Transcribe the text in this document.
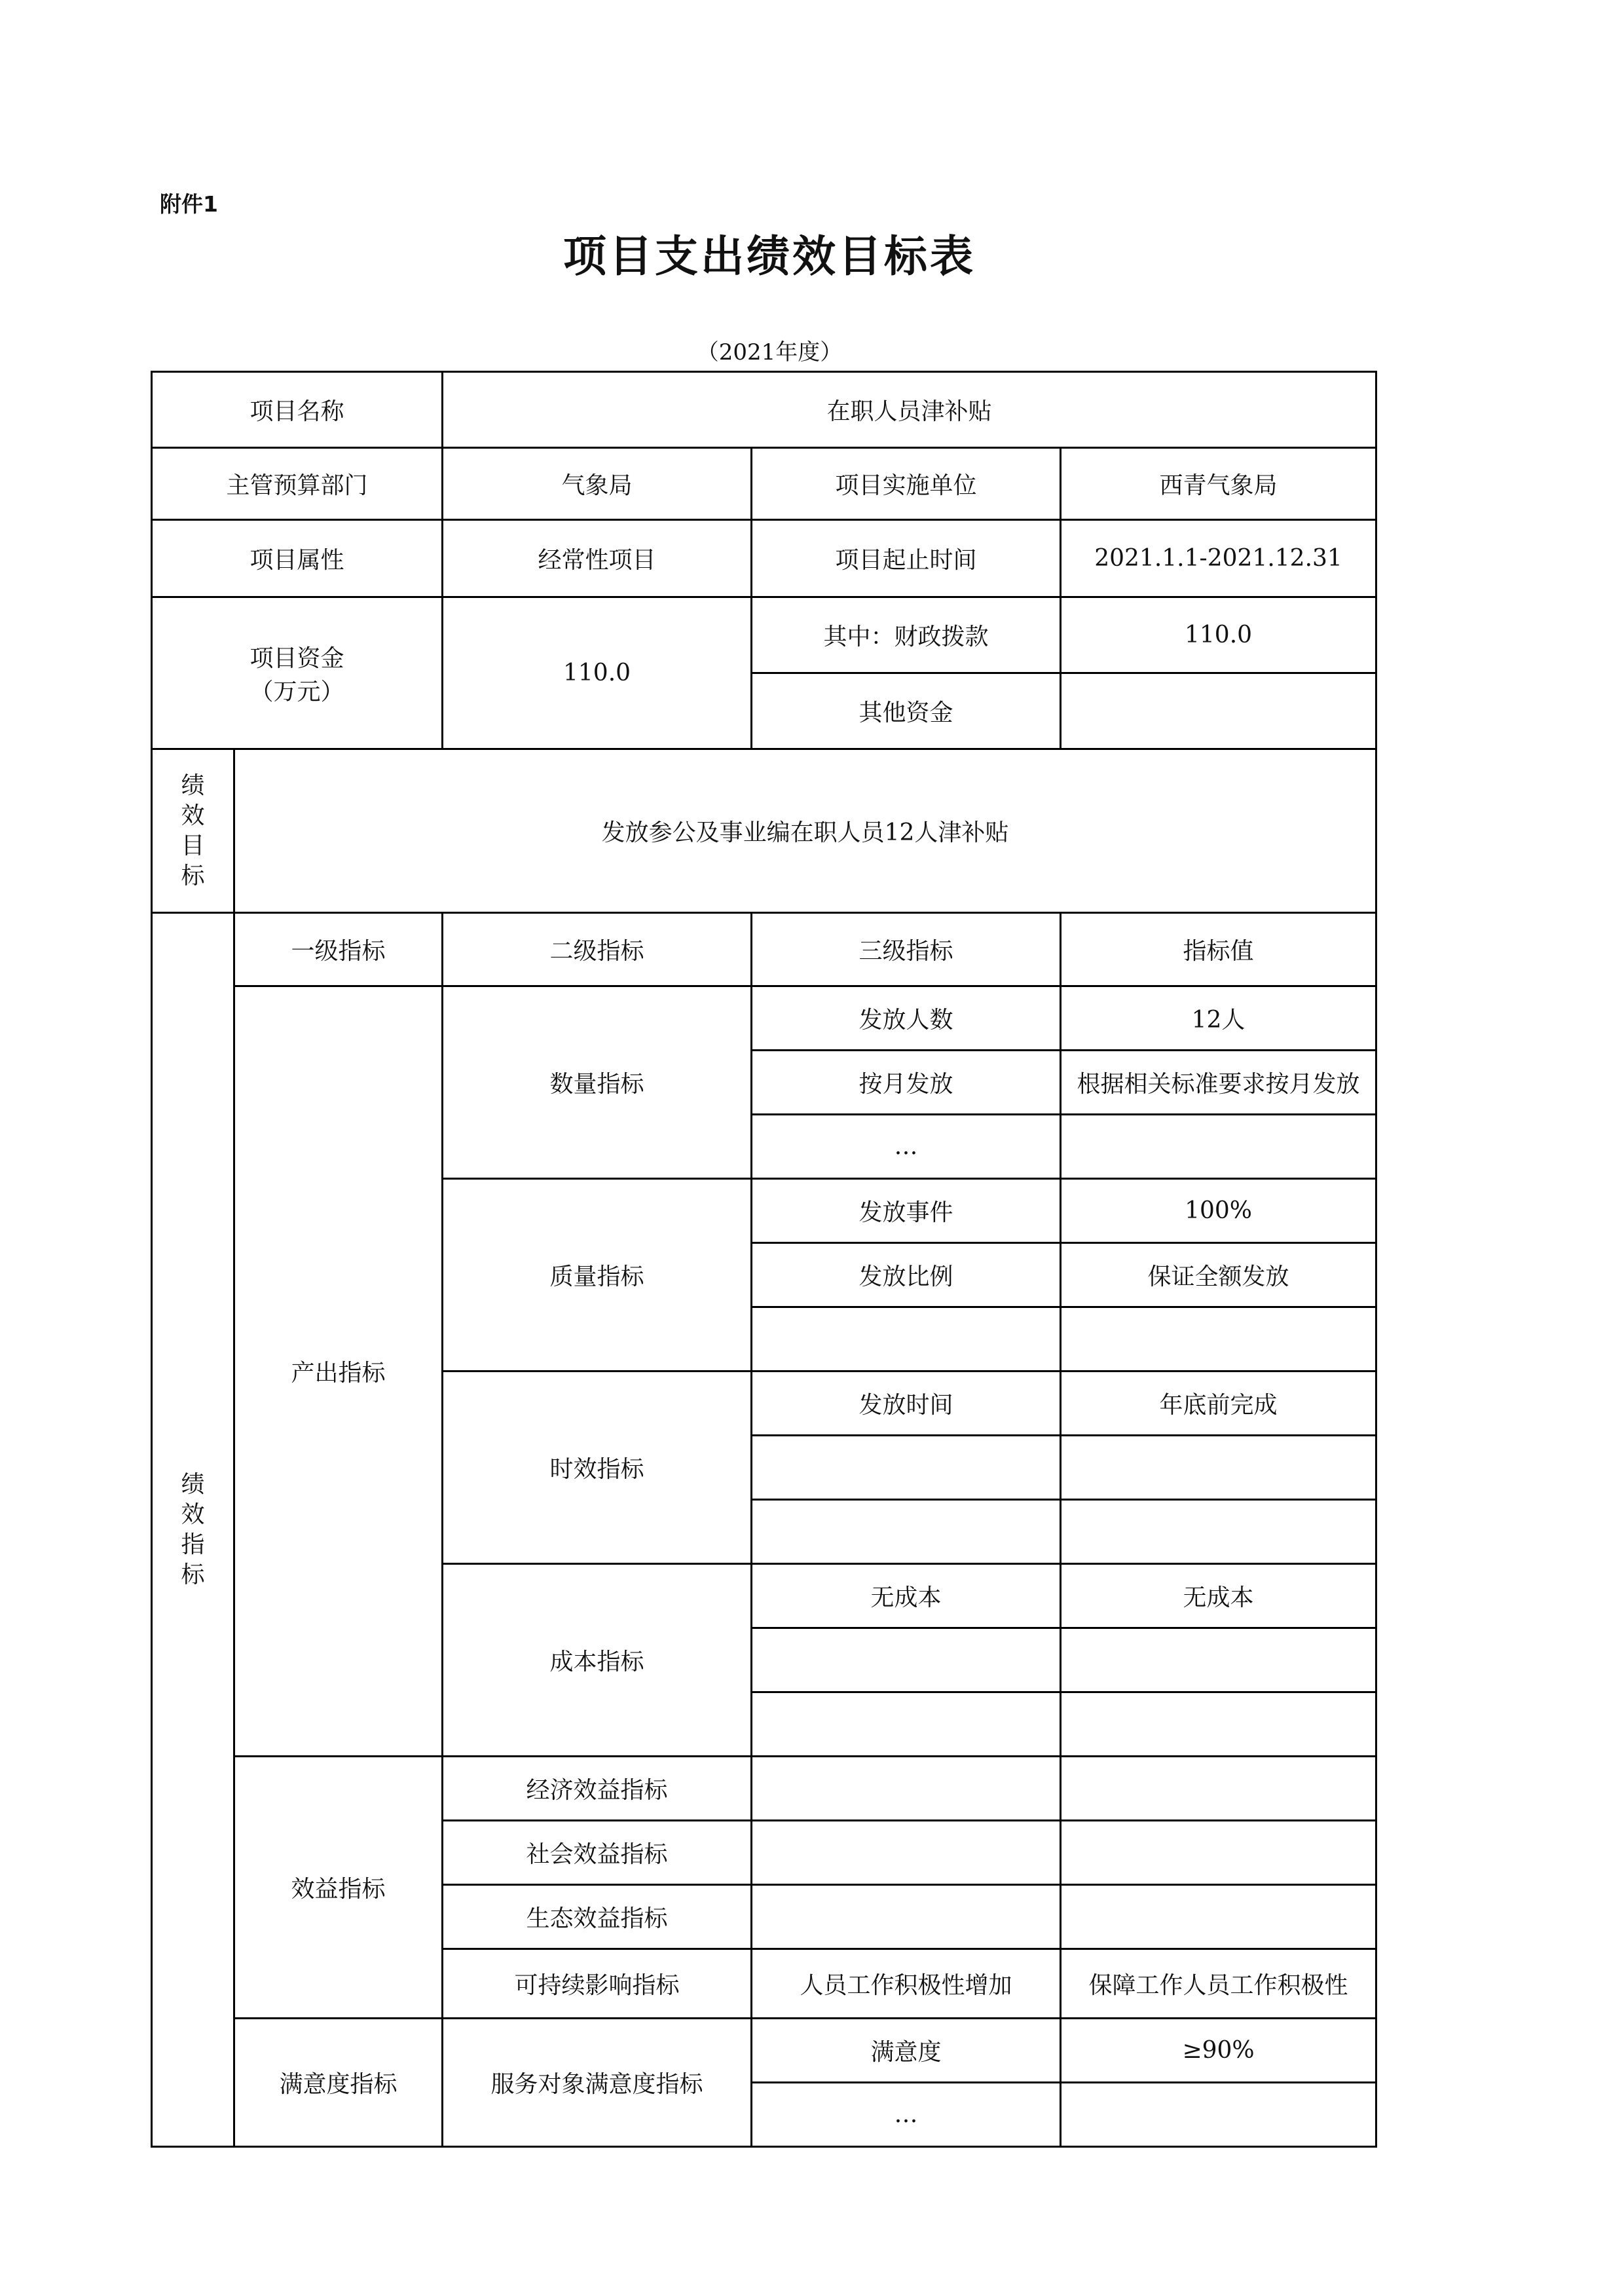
附件1
项目支出绩效目标表
（2021年度）
项目名称		在职人员津补贴		
主管预算部门		气象局	项目实施单位	西青气象局
项目属性		经常性项目	项目起止时间	2021.1.1-2021.12.31

项目资金
（万元）		110.0	其中：财政拨款	110.0
			其他资金	
绩效目标	发放参公及事业编在职人员12人津补贴			
绩效指标	一级指标	二级指标	三级指标	指标值
	产出指标	数量指标	发放人数	12人
			按月发放	根据相关标准要求按月发放
			…	
		质量指标	发放事件	100%
			发放比例	保证全额发放

		时效指标	发放时间	年底前完成

		成本指标	无成本	无成本

	效益指标	经济效益指标		
		社会效益指标		
		生态效益指标		
		可持续影响指标	人员工作积极性增加	保障工作人员工作积极性
	满意度指标	服务对象满意度指标	满意度	≥90%
			…	
